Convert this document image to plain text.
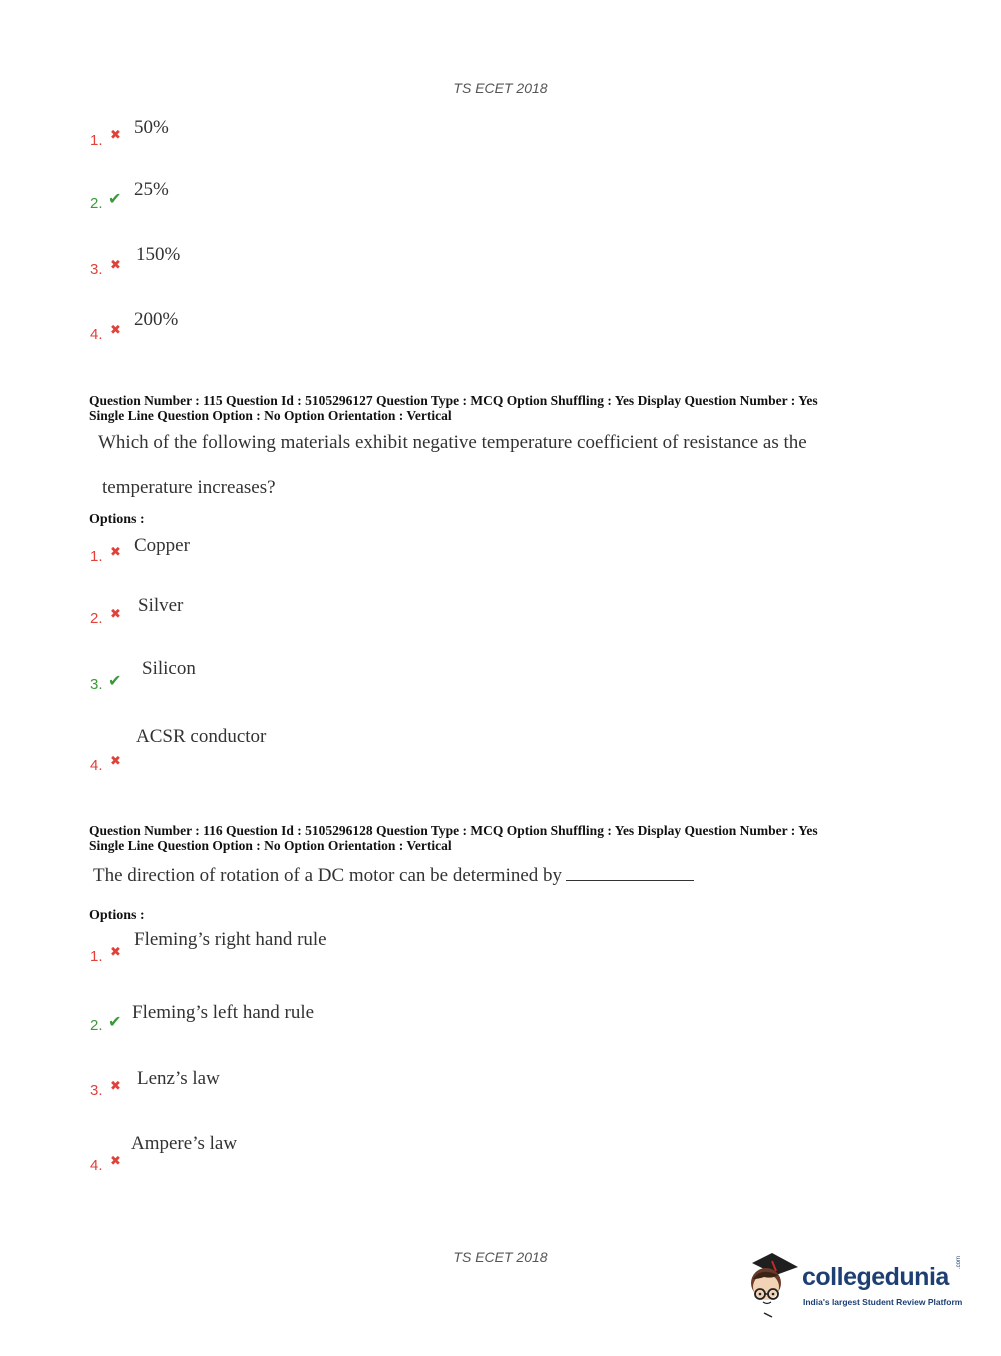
TS ECET 2018
1. ✖ 50%
2. ✔ 25%
3. ✖
150%
4. ✖
200%
Question Number : 115 Question Id : 5105296127 Question Type : MCQ Option Shuffling : Yes Display Question Number : Yes
Single Line Question Option : No Option Orientation : Vertical
Which of the following materials exhibit negative temperature coefficient of resistance as the
temperature increases?
Options :
1. ✖ Copper
2. ✖ Silver
3. ✔
Silicon
4. ✖
ACSR conductor
Question Number : 116 Question Id : 5105296128 Question Type : MCQ Option Shuffling : Yes Display Question Number : Yes
Single Line Question Option : No Option Orientation : Vertical
The direction of rotation of a DC motor can be determined by
Options :
1. ✖
Fleming’s right hand rule
2. ✔ Fleming’s left hand rule
3. ✖ Lenz’s law
4. ✖
Ampere’s law
TS ECET 2018
collegedunia
.com
India's largest Student Review Platform
